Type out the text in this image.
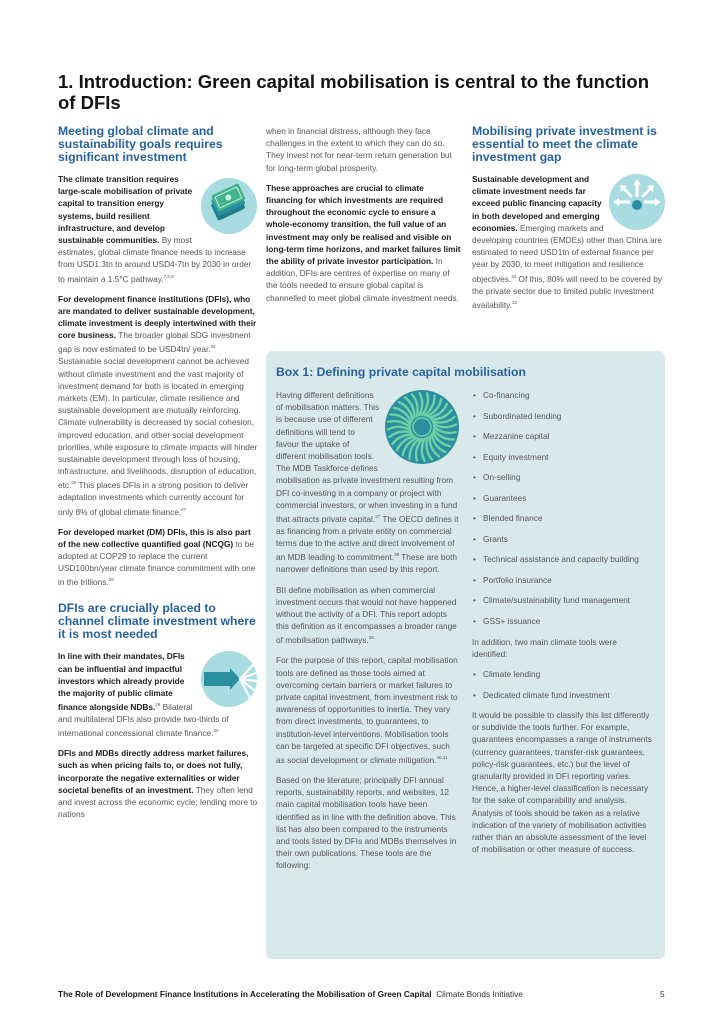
1. Introduction: Green capital mobilisation is central to the function of DFIs
Meeting global climate and sustainability goals requires significant investment

The climate transition requires large-scale mobilisation of private capital to transition energy systems, build resilient infrastructure, and develop sustainable communities. By most estimates, global climate finance needs to increase from USD1.3tn to around USD4-7tn by 2030 in order to maintain a 1.5°C pathway.$^{7,8,9}$

For development finance institutions (DFIs), who are mandated to deliver sustainable development, climate investment is deeply intertwined with their core business. The broader global SDG investment gap is now estimated to be USD4tn/ year.$^{25}$ Sustainable social development cannot be achieved without climate investment and the vast majority of investment demand for both is located in emerging markets (EM). In particular, climate resilience and sustainable development are mutually reinforcing. Climate vulnerability is decreased by social cohesion, improved education, and other social development priorities, while exposure to climate impacts will hinder sustainable development through loss of housing, infrastructure, and livelihoods, disruption of education, etc.$^{26}$ This places DFIs in a strong position to deliver adaptation investments which currently account for only 8% of global climate finance.$^{27}$

For developed market (DM) DFIs, this is also part of the new collective quantified goal (NCQG) to be adopted at COP29 to replace the current USD100bn/year climate finance commitment with one in the trillions.$^{28}$

DFIs are crucially placed to channel climate investment where it is most needed

In line with their mandates, DFIs can be influential and impactful investors which already provide the majority of public climate finance alongside NDBs.$^{29}$ Bilateral and multilateral DFIs also provide two-thirds of international concessional climate finance.$^{30}$

DFIs and MDBs directly address market failures, such as when pricing fails to, or does not fully, incorporate the negative externalities or wider societal benefits of an investment. They often lend and invest across the economic cycle; lending more to nations

when in financial distress, although they face challenges in the extent to which they can do so. They invest not for near-term return generation but for long-term global prosperity.

These approaches are crucial to climate financing for which investments are required throughout the economic cycle to ensure a whole-economy transition, the full value of an investment may only be realised and visible on long-term time horizons, and market failures limit the ability of private investor participation. In addition, DFIs are centres of expertise on many of the tools needed to ensure global capital is channelled to meet global climate investment needs.

Mobilising private investment is essential to meet the climate investment gap

Sustainable development and climate investment needs far exceed public financing capacity in both developed and emerging economies. Emerging markets and developing countries (EMDEs) other than China are estimated to need USD1tn of external finance per year by 2030, to meet mitigation and resilience objectives.$^{31}$ Of this, 80% will need to be covered by the private sector due to limited public investment availability.$^{32}$

Box 1: Defining private capital mobilisation

Having different definitions of mobilisation matters. This is because use of different definitions will tend to favour the uptake of different mobilisation tools. The MDB Taskforce defines mobilisation as private investment resulting from DFI co-investing in a company or project with commercial investors, or when investing in a fund that attracts private capital.$^{37}$ The OECD defines it as financing from a private entity on commercial terms due to the active and direct involvement of an MDB leading to commitment.$^{38}$ These are both narrower definitions than used by this report.

BII define mobilisation as when commercial investment occurs that would not have happened without the activity of a DFI. This report adopts this definition as it encompasses a broader range of mobilisation pathways.$^{39}$

For the purpose of this report, capital mobilisation tools are defined as those tools aimed at overcoming certain barriers or market failures to private capital investment, from investment risk to awareness of opportunities to inertia. They vary from direct investments, to guarantees, to institution-level interventions. Mobilisation tools can be targeted at specific DFI objectives, such as social development or climate mitigation.$^{40,41}$

Based on the literature; principally DFI annual reports, sustainability reports, and websites, 12 main capital mobilisation tools have been identified as in line with the definition above. This list has also been compared to the instruments and tools listed by DFIs and MDBs themselves in their own publications. These tools are the following:

• Co-financing
• Subordinated lending
• Mezzanine capital
• Equity investment
• On-selling
• Guarantees
• Blended finance
• Grants
• Technical assistance and capacity building
• Portfolio insurance
• Climate/sustainability fund management
• GSS+ issuance

In addition, two main climate tools were identified:

• Climate lending
• Dedicated climate fund investment

It would be possible to classify this list differently or subdivide the tools further. For example, guarantees encompasses a range of instruments (currency guarantees, transfer-risk guarantees, policy-risk guarantees, etc.) but the level of granularity provided in DFI reporting varies. Hence, a higher-level classification is necessary for the sake of comparability and analysis. Analysis of tools should be taken as a relative indication of the variety of mobilisation activities rather than an absolute assessment of the level of mobilisation or other measure of success.

The Role of Development Finance Institutions in Accelerating the Mobilisation of Green Capital Climate Bonds Initiative	5
